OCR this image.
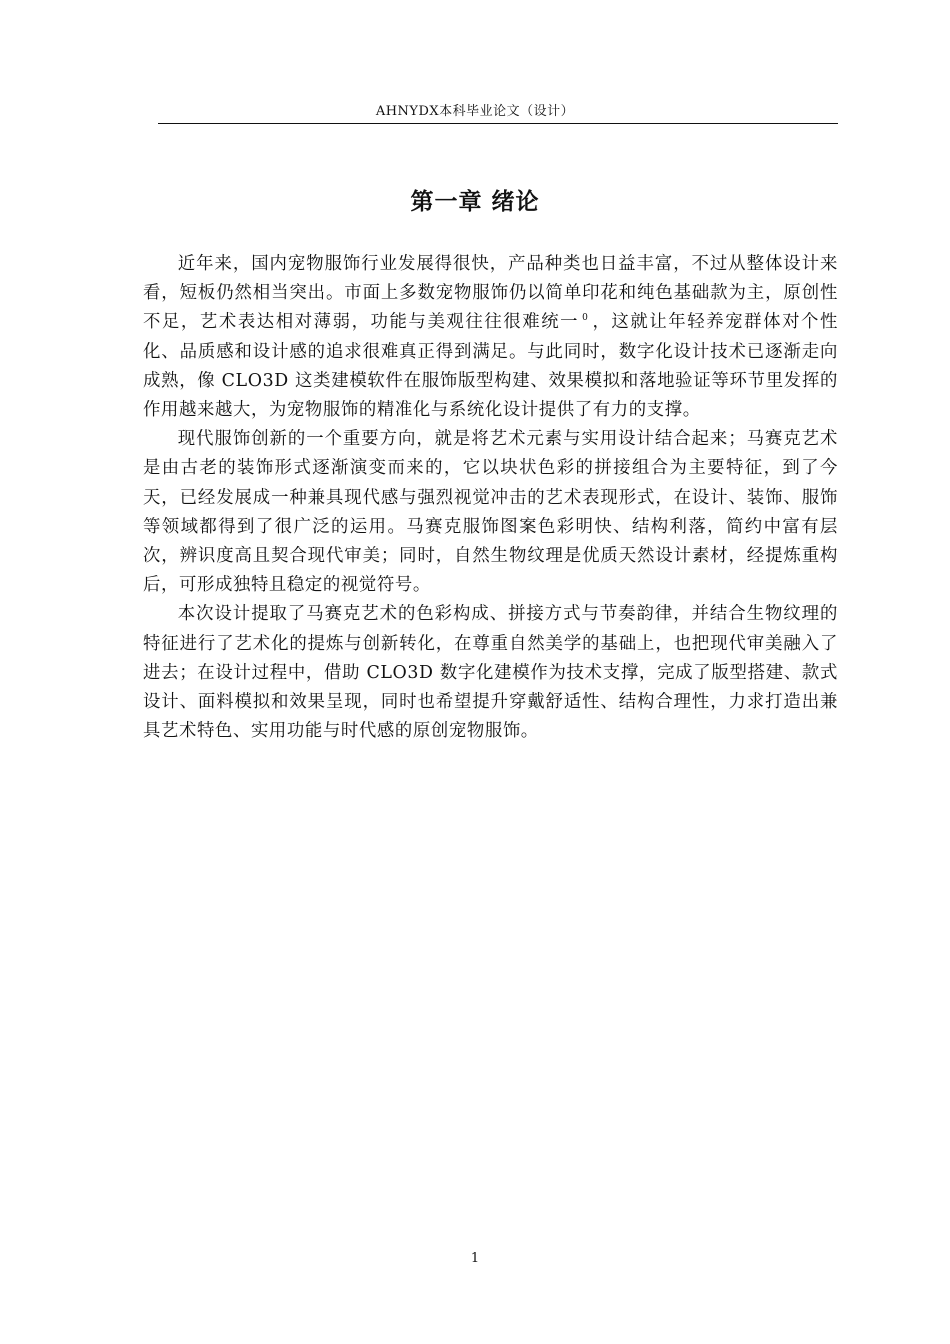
AHNYDX本科毕业论文（设计）
第一章 绪论

近年来，国内宠物服饰行业发展得很快，产品种类也日益丰富，不过从整体设计来看，短板仍然相当突出。市面上多数宠物服饰仍以简单印花和纯色基础款为主，原创性不足，艺术表达相对薄弱，功能与美观往往很难统一 $^0$ ，这就让年轻养宠群体对个性化、品质感和设计感的追求很难真正得到满足。与此同时，数字化设计技术已逐渐走向成熟，像 CLO3D 这类建模软件在服饰版型构建、效果模拟和落地验证等环节里发挥的作用越来越大，为宠物服饰的精准化与系统化设计提供了有力的支撑。

现代服饰创新的一个重要方向，就是将艺术元素与实用设计结合起来；马赛克艺术是由古老的装饰形式逐渐演变而来的，它以块状色彩的拼接组合为主要特征，到了今天，已经发展成一种兼具现代感与强烈视觉冲击的艺术表现形式，在设计、装饰、服饰等领域都得到了很广泛的运用。马赛克服饰图案色彩明快、结构利落，简约中富有层次，辨识度高且契合现代审美；同时，自然生物纹理是优质天然设计素材，经提炼重构后，可形成独特且稳定的视觉符号。

本次设计提取了马赛克艺术的色彩构成、拼接方式与节奏韵律，并结合生物纹理的特征进行了艺术化的提炼与创新转化，在尊重自然美学的基础上，也把现代审美融入了进去；在设计过程中，借助 CLO3D 数字化建模作为技术支撑，完成了版型搭建、款式设计、面料模拟和效果呈现，同时也希望提升穿戴舒适性、结构合理性，力求打造出兼具艺术特色、实用功能与时代感的原创宠物服饰。

1
